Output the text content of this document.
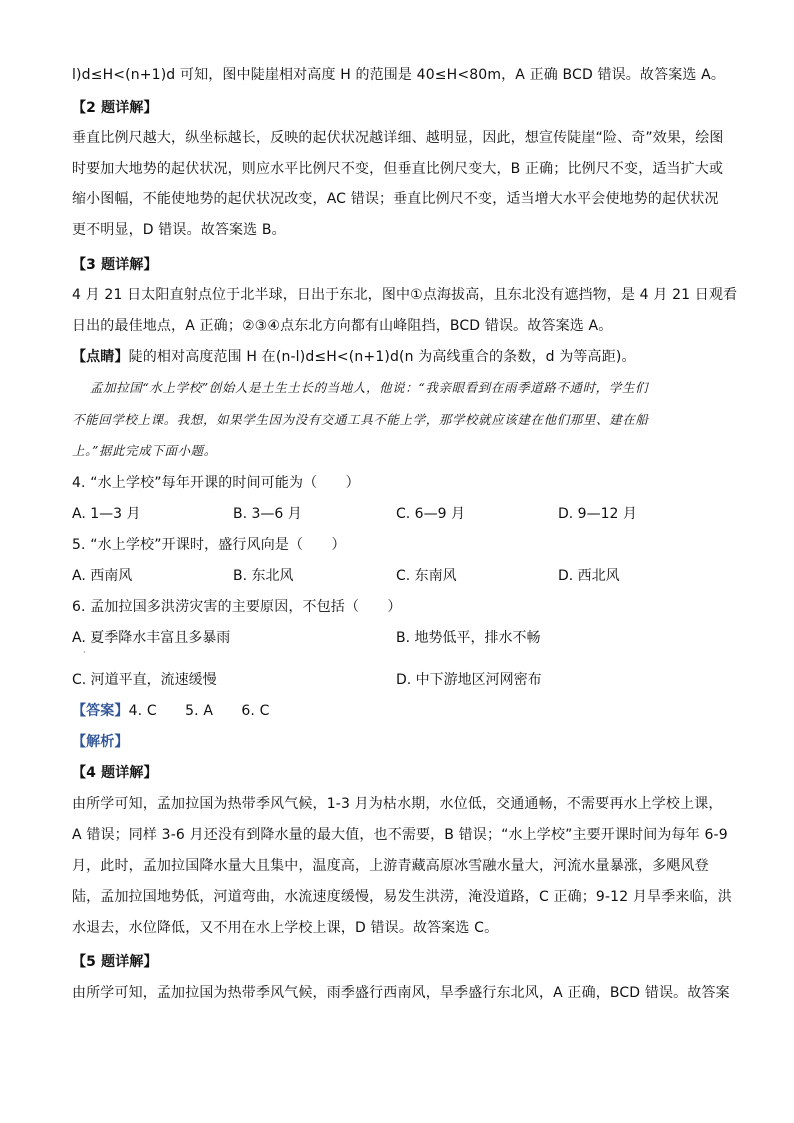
l)d≤H<(n+1)d 可知，图中陡崖相对高度 H 的范围是 40≤H<80m，A 正确 BCD 错误。故答案选 A。
【2 题详解】
垂直比例尺越大，纵坐标越长，反映的起伏状况越详细、越明显，因此，想宣传陡崖“险、奇”效果，绘图
时要加大地势的起伏状况，则应水平比例尺不变，但垂直比例尺变大，B 正确；比例尺不变，适当扩大或
缩小图幅，不能使地势的起伏状况改变，AC 错误；垂直比例尺不变，适当增大水平会使地势的起伏状况
更不明显，D 错误。故答案选 B。
【3 题详解】
4 月 21 日太阳直射点位于北半球，日出于东北，图中①点海拔高，且东北没有遮挡物，是 4 月 21 日观看
日出的最佳地点，A 正确；②③④点东北方向都有山峰阻挡，BCD 错误。故答案选 A。
【点睛】陡的相对高度范围 H 在(n-l)d≤H<(n+1)d(n 为高线重合的条数，d 为等高距)。
孟加拉国“水上学校”创始人是土生土长的当地人，他说：“我亲眼看到在雨季道路不通时，学生们
不能回学校上课。我想，如果学生因为没有交通工具不能上学，那学校就应该建在他们那里、建在船
上。”据此完成下面小题。
4. “水上学校”每年开课的时间可能为（　　）
A. 1—3 月	B. 3—6 月	C. 6—9 月	D. 9—12 月
5. “水上学校”开课时，盛行风向是（　　）
A. 西南风	B. 东北风	C. 东南风	D. 西北风
6. 孟加拉国多洪涝灾害的主要原因，不包括（　　）
A. 夏季降水丰富且多暴雨
·
B. 地势低平，排水不畅
C. 河道平直，流速缓慢	D. 中下游地区河网密布
【答案】4. C　　5. A　　6. C
【解析】
【4 题详解】
由所学可知，孟加拉国为热带季风气候，1-3 月为枯水期，水位低，交通通畅，不需要再水上学校上课，
A 错误；同样 3-6 月还没有到降水量的最大值，也不需要，B 错误；“水上学校”主要开课时间为每年 6-9
月，此时，孟加拉国降水量大且集中，温度高，上游青藏高原冰雪融水量大，河流水量暴涨，多飓风登
陆，孟加拉国地势低，河道弯曲，水流速度缓慢，易发生洪涝，淹没道路，C 正确；9-12 月旱季来临，洪
水退去，水位降低，又不用在水上学校上课，D 错误。故答案选 C。
【5 题详解】
由所学可知，孟加拉国为热带季风气候，雨季盛行西南风，旱季盛行东北风，A 正确，BCD 错误。故答案
